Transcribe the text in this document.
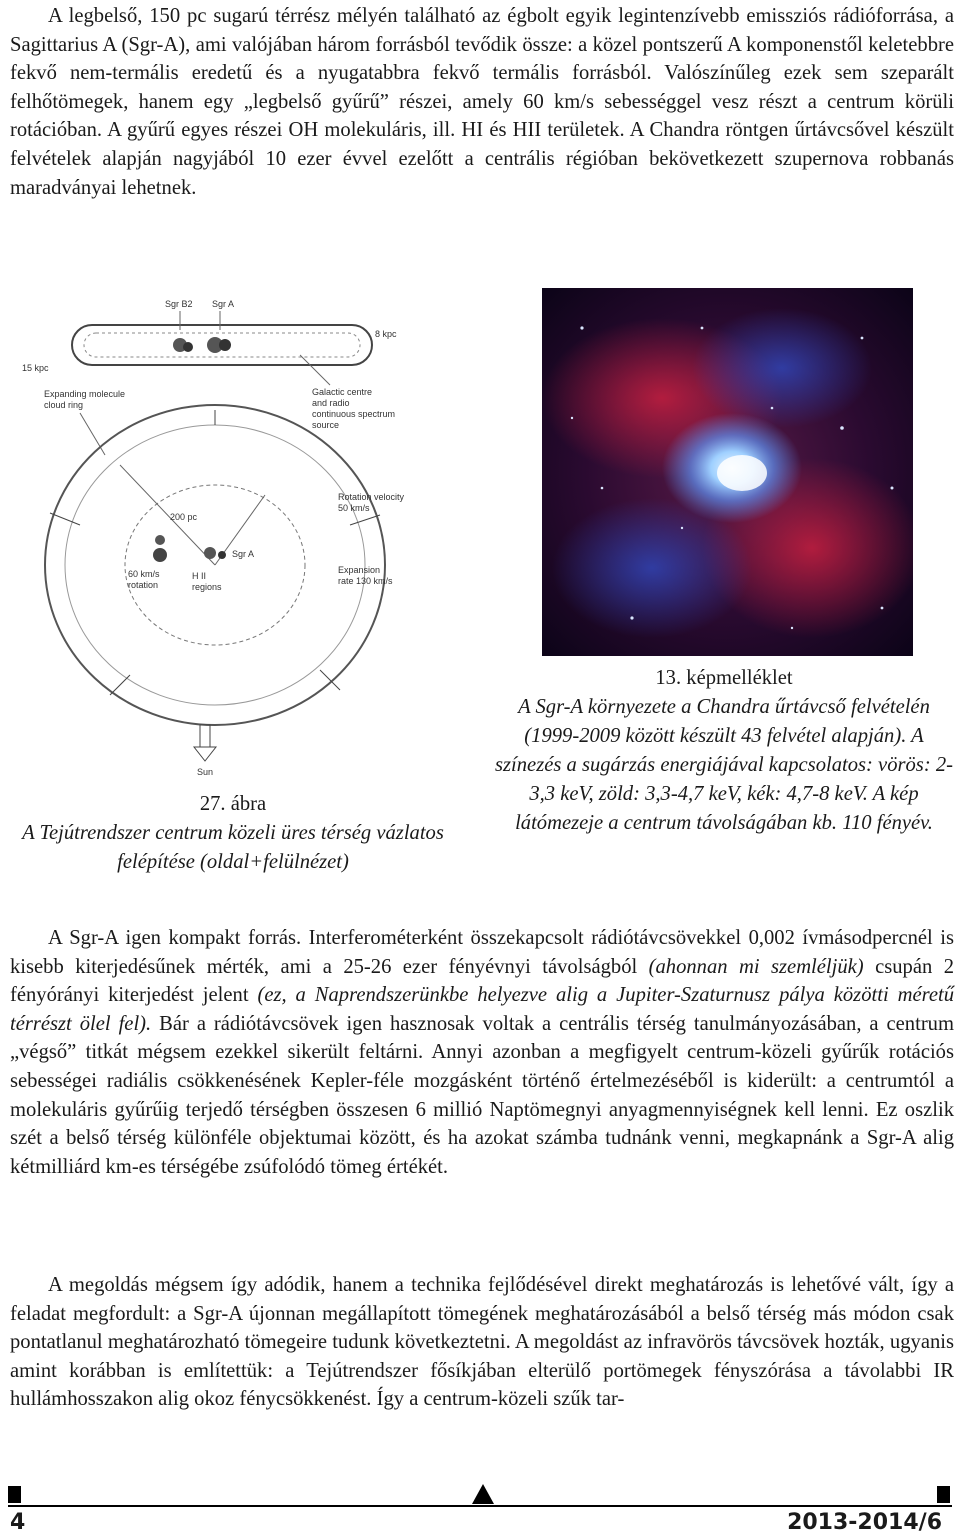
A legbelső, 150 pc sugarú térrész mélyén található az égbolt egyik legintenzívebb emissziós rádióforrása, a Sagittarius A (Sgr-A), ami valójában három forrásból tevődik össze: a közel pontszerű A komponenstől keletebbre fekvő nem-termális eredetű és a nyugatabbra fekvő termális forrásból. Valószínűleg ezek sem szeparált felhőtömegek, hanem egy „legbelső gyűrű” részei, amely 60 km/s sebességgel vesz részt a centrum körüli rotációban. A gyűrű egyes részei OH molekuláris, ill. HI és HII területek. A Chandra röntgen űrtávcsővel készült felvételek alapján nagyjából 10 ezer évvel ezelőtt a centrális régióban bekövetkezett szupernova robbanás maradványai lehetnek.

Sgr B2 Sgr A
15 kpc
8 kpc
Galactic centre
and radio
continuous spectrum
source
Expanding molecule
cloud ring
200 pc
Sgr A
60 km/s
rotation
H II
regions
Rotation velocity
50 km/s
Expansion
rate 130 km/s
Sun
27. ábra
A Tejútrendszer centrum közeli üres térség vázlatos felépítése (oldal+felülnézet)
13. képmelléklet
A Sgr-A környezete a Chandra űrtávcső felvételén (1999-2009 között készült 43 felvétel alapján). A színezés a sugárzás energiájával kapcsolatos: vörös: 2-3,3 keV, zöld: 3,3-4,7 keV, kék: 4,7-8 keV. A kép látómezeje a centrum távolságában kb. 110 fényév.

A Sgr-A igen kompakt forrás. Interferométerként összekapcsolt rádiótávcsövekkel 0,002 ívmásodpercnél is kisebb kiterjedésűnek mérték, ami a 25-26 ezer fényévnyi távolságból (ahonnan mi szemléljük) csupán 2 fényórányi kiterjedést jelent (ez, a Naprendszerünkbe helyezve alig a Jupiter-Szaturnusz pálya közötti méretű térrészt ölel fel). Bár a rádiótávcsövek igen hasznosak voltak a centrális térség tanulmányozásában, a centrum „végső” titkát mégsem ezekkel sikerült feltárni. Annyi azonban a megfigyelt centrum-közeli gyűrűk rotációs sebességei radiális csökkenésének Kepler-féle mozgásként történő értelmezéséből is kiderült: a centrumtól a molekuláris gyűrűig terjedő térségben összesen 6 millió Naptömegnyi anyagmennyiségnek kell lenni. Ez oszlik szét a belső térség különféle objektumai között, és ha azokat számba tudnánk venni, megkapnánk a Sgr-A alig kétmilliárd km-es térségébe zsúfolódó tömeg értékét.

A megoldás mégsem így adódik, hanem a technika fejlődésével direkt meghatározás is lehetővé vált, így a feladat megfordult: a Sgr-A újonnan megállapított tömegének meghatározásából a belső térség más módon csak pontatlanul meghatározható tömegeire tudunk következtetni. A megoldást az infravörös távcsövek hozták, ugyanis amint korábban is említettük: a Tejútrendszer fősíkjában elterülő portömegek fényszórása a távolabbi IR hullámhosszakon alig okoz fénycsökkenést. Így a centrum-közeli szűk tar-

4	2013-2014/6
